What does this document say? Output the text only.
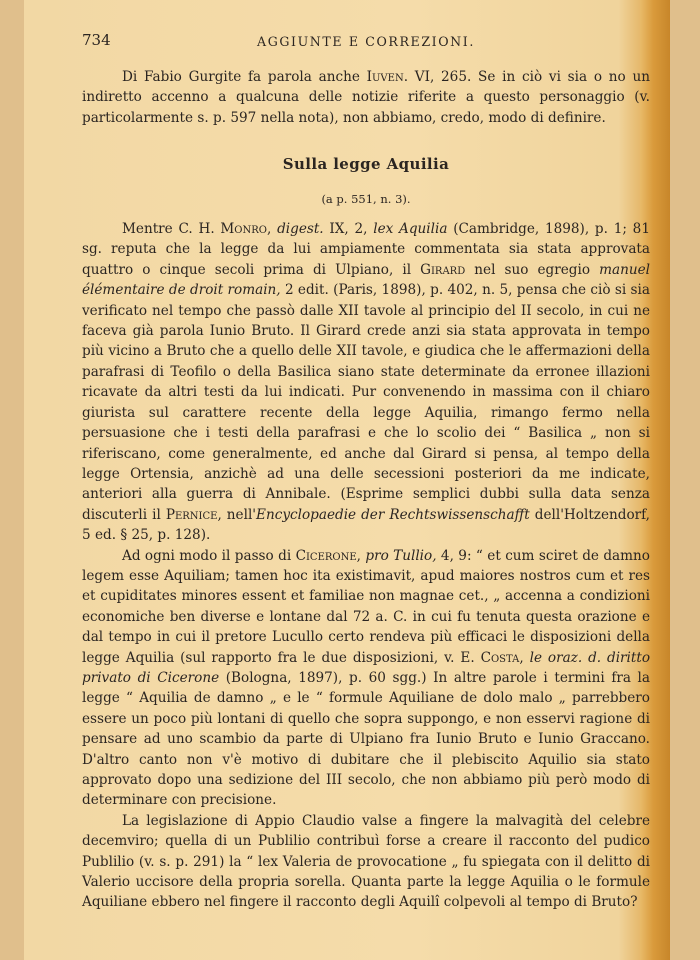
734	AGGIUNTE E CORREZIONI.

Di Fabio Gurgite fa parola anche Iuven. VI, 265. Se in ciò vi sia o no un indiretto accenno a qualcuna delle notizie riferite a questo personaggio (v. particolarmente s. p. 597 nella nota), non abbiamo, credo, modo di definire.

Sulla legge Aquilia
(a p. 551, n. 3).

Mentre C. H. Monro, digest. IX, 2, lex Aquilia (Cambridge, 1898), p. 1; 81 sg. reputa che la legge da lui ampiamente commentata sia stata approvata quattro o cinque secoli prima di Ulpiano, il Girard nel suo egregio manuel élémentaire de droit romain, 2 edit. (Paris, 1898), p. 402, n. 5, pensa che ciò si sia verificato nel tempo che passò dalle XII tavole al principio del II secolo, in cui ne faceva già parola Iunio Bruto. Il Girard crede anzi sia stata approvata in tempo più vicino a Bruto che a quello delle XII tavole, e giudica che le affermazioni della parafrasi di Teofilo o della Basilica siano state determinate da erronee illazioni ricavate da altri testi da lui indicati. Pur convenendo in massima con il chiaro giurista sul carattere recente della legge Aquilia, rimango fermo nella persuasione che i testi della parafrasi e che lo scolio dei “ Basilica „ non si riferiscano, come generalmente, ed anche dal Girard si pensa, al tempo della legge Ortensia, anzichè ad una delle secessioni posteriori da me indicate, anteriori alla guerra di Annibale. (Esprime semplici dubbi sulla data senza discuterli il Pernice, nell'Encyclopaedie der Rechtswissenschafft dell'Holtzendorf, 5 ed. § 25, p. 128).

Ad ogni modo il passo di Cicerone, pro Tullio, 4, 9: “ et cum sciret de damno legem esse Aquiliam; tamen hoc ita existimavit, apud maiores nostros cum et res et cupiditates minores essent et familiae non magnae cet., „ accenna a condizioni economiche ben diverse e lontane dal 72 a. C. in cui fu tenuta questa orazione e dal tempo in cui il pretore Lucullo certo rendeva più efficaci le disposizioni della legge Aquilia (sul rapporto fra le due disposizioni, v. E. Costa, le oraz. d. diritto privato di Cicerone (Bologna, 1897), p. 60 sgg.) In altre parole i termini fra la legge “ Aquilia de damno „ e le “ formule Aquiliane de dolo malo „ parrebbero essere un poco più lontani di quello che sopra suppongo, e non esservi ragione di pensare ad uno scambio da parte di Ulpiano fra Iunio Bruto e Iunio Graccano. D'altro canto non v'è motivo di dubitare che il plebiscito Aquilio sia stato approvato dopo una sedizione del III secolo, che non abbiamo più però modo di determinare con precisione.

La legislazione di Appio Claudio valse a fingere la malvagità del celebre decemviro; quella di un Publilio contribuì forse a creare il racconto del pudico Publilio (v. s. p. 291) la “ lex Valeria de provocatione „ fu spiegata con il delitto di Valerio uccisore della propria sorella. Quanta parte la legge Aquilia o le formule Aquiliane ebbero nel fingere il racconto degli Aquilî colpevoli al tempo di Bruto?
